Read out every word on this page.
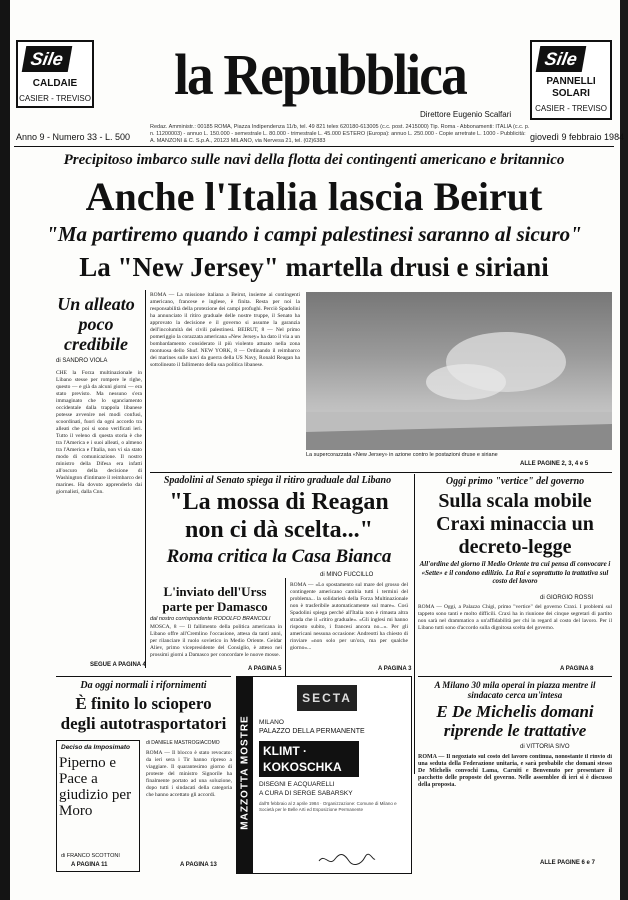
Sile
CALDAIE
CASIER - TREVISO la Repubblica
Direttore Eugenio Scalfari
Sile
PANNELLI
SOLARI
CASIER - TREVISO
Anno 9 - Numero 33 - L. 500
Redaz. Amministr.: 00185 ROMA, Piazza Indipendenza 11/b, tel. 49 821 telex 620180-613005 (c.c. post. 2415000) Tip. Roma - Abbonamenti: ITALIA (c.c. p. n. 11200003) - annuo L. 150.000 - semestrale L. 80.000 - trimestrale L. 45.000 ESTERO (Europa): annuo L. 250.000 - Copie arretrate L. 1000 - Pubblicità: A. MANZONI & C. S.p.A., 20123 MILANO, via Nervesa 21, tel. (02)6383	giovedì 9 febbraio 1984
Precipitoso imbarco sulle navi della flotta dei contingenti americano e britannico
Anche l'Italia lascia Beirut
"Ma partiremo quando i campi palestinesi saranno al sicuro"
La "New Jersey" martella drusi e siriani
Un alleato poco credibile
di SANDRO VIOLA
CHE la Forza multinazionale in Libano stesse per rompere le righe, questo — e già da alcuni giorni — era stato previsto. Ma nessuno s'era immaginato che lo sganciamento occidentale dalla trappola libanese potesse avvenire nei modi confusi, scoordinati, fuori da ogni accordo tra alleati che poi si sono verificati ieri. Tutto il veleno di questa storia è che tra l'America e i suoi alleati, o almeno tra l'America e l'Italia, non vi sia stato modo di comunicazione. Il nostro ministro della Difesa era infatti all'oscuro della decisione di Washington d'intimare il reimbarco dei marines. Ha dovuto apprenderlo dai giornalisti, dalla Cnn.
SEGUE A PAGINA 4
ROMA — La missione italiana a Beirut, insieme ai contingenti americano, francese e inglese, è finita. Resta per noi la responsabilità della protezione dei campi profughi. Perciò Spadolini ha annunciato il ritiro graduale delle nostre truppe, il Senato ha approvato la decisione e il governo si assume la garanzia dell'incolumità dei civili palestinesi. BEIRUT, 8 — Nel primo pomeriggio la corazzata americana «New Jersey» ha dato il via a un bombardamento considerato il più violento attuato nella zona montuosa dello Shuf. NEW YORK, 8 — Ordinando il reimbarco dei marines sulle navi da guerra della US Navy, Ronald Reagan ha sottolineato il fallimento della sua politica libanese.
La supercorazzata «New Jersey» in azione contro le postazioni druse e siriane
ALLE PAGINE 2, 3, 4 e 5
Spadolini al Senato spiega il ritiro graduale dal Libano
"La mossa di Reagan non ci dà scelta..."
Roma critica la Casa Bianca
di MINO FUCCILLO
L'inviato dell'Urss parte per Damasco
dal nostro corrispondente RODOLFO BRANCOLI
MOSCA, 8 — Il fallimento della politica americana in Libano offre all'Cremlino l'occasione, attesa da tanti anni, per rilanciare il ruolo sovietico in Medio Oriente. Geidar Aliev, primo vicepresidente del Consiglio, è atteso nei prossimi giorni a Damasco per concordare le nuove mosse.
A PAGINA 5
ROMA — «Lo spostamento sul mare del grosso del contingente americano cambia tutti i termini del problema... la solidarietà della Forza Multinazionale non è trasferibile automaticamente sul mare». Così Spadolini spiega perché all'Italia non è rimasta altra strada che il «ritiro graduale». «Gli inglesi mi hanno risposto subito, i francesi ancora no...». Per gli americani nessuna occasione: Andreotti ha chiesto di rinviare «non solo per un'ora, ma per qualche giorno»...
A PAGINA 3
Oggi primo "vertice" del governo
Sulla scala mobile Craxi minaccia un decreto-legge
All'ordine del giorno il Medio Oriente tra cui pensa di convocare i «Sette» e il condono edilizio. La Rai e soprattutto la trattativa sul costo del lavoro
di GIORGIO ROSSI
ROMA — Oggi, a Palazzo Chigi, primo "vertice" del governo Craxi. I problemi sul tappeto sono tanti e molto difficili. Craxi ha in riunione dei cinque segretari di partito non sarà nel drammatico a un'affidabilità per chi in regard al costo del lavoro. Per il Libano tutti sono d'accordo sulla dignitosa scelta del governo.
A PAGINA 8
A Milano 30 mila operai in piazza mentre il sindacato cerca un'intesa
E De Michelis domani riprende le trattative
di VITTORIA SIVO
ROMA — Il negoziato sul costo del lavoro continua, nonostante il rinvio di una seduta della Federazione unitaria, e sarà probabile che domani stesso De Michelis convochi Lama, Carniti e Benvenuto per presentare il pacchetto delle proposte del governo. Nelle assemblee di ieri si è discusso della proposta.
ALLE PAGINE 6 e 7
Da oggi normali i rifornimenti
È finito lo sciopero degli autotrasportatori
Deciso da Imposimato
Piperno e Pace a giudizio per Moro
di FRANCO SCOTTONI
A PAGINA 11
di DANIELE MASTROGIACOMO
ROMA — Il blocco è stato revocato: da ieri sera i Tir hanno ripreso a viaggiare. Il quarantesimo giorno di proteste del ministro Signorile ha finalmente portato ad una soluzione, dopo tutti i sindacati della categoria che hanno accettato gli accordi.
A PAGINA 13
MAZZOTTA MOSTRE
SECTA
MILANO
PALAZZO DELLA PERMANENTE
KLIMT · KOKOSCHKA
DISEGNI E ACQUARELLI
A CURA DI SERGE SABARSKY
dall'8 febbraio al 2 aprile 1984 · Organizzazione: Comune di Milano e Società per le Belle Arti ed Esposizione Permanente
